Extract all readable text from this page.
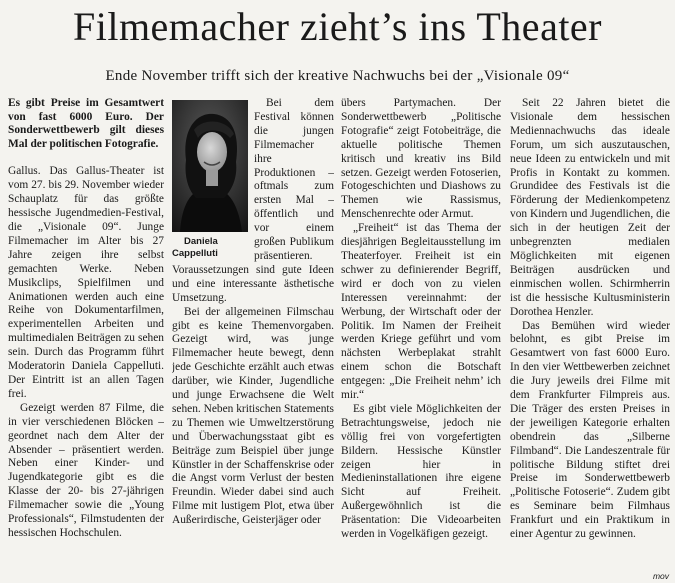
Filmemacher zieht’s ins Theater
Ende November trifft sich der kreative Nachwuchs bei der „Visionale 09“

Es gibt Preise im Gesamtwert von fast 6000 Euro. Der Sonderwettbewerb gilt dieses Mal der politischen Fotografie.

Gallus. Das Gallus-Theater ist vom 27. bis 29. November wieder Schauplatz für das größte hessische Jugendmedien-Festival, die „Visionale 09“. Junge Filmemacher im Alter bis 27 Jahre zeigen ihre selbst gemachten Werke. Neben Musikclips, Spielfilmen und Animationen werden auch eine Reihe von Dokumentarfilmen, experimentellen Arbeiten und multimedialen Beiträgen zu sehen sein. Durch das Programm führt Moderatorin Daniela Cappelluti. Der Eintritt ist an allen Tagen frei.

Gezeigt werden 87 Filme, die in vier verschiedenen Blöcken – geordnet nach dem Alter der Absender – präsentiert werden. Neben einer Kinder- und Jugendkategorie gibt es die Klasse der 20- bis 27-jährigen Filmemacher sowie die „Young Professionals“, Filmstudenten der hessischen Hochschulen.

Daniela Cappelluti
Bei dem Festival können die jungen Filmemacher ihre Produktionen – oftmals zum ersten Mal – öffentlich und vor einem großen Publikum präsentieren. Voraussetzungen sind gute Ideen und eine interessante ästhetische Umsetzung.

Bei der allgemeinen Filmschau gibt es keine Themenvorgaben. Gezeigt wird, was junge Filmemacher heute bewegt, denn jede Geschichte erzählt auch etwas darüber, wie Kinder, Jugendliche und junge Erwachsene die Welt sehen. Neben kritischen Statements zu Themen wie Umweltzerstörung und Überwachungsstaat gibt es Beiträge zum Beispiel über junge Künstler in der Schaffenskrise oder die Angst vorm Verlust der besten Freundin. Wieder dabei sind auch Filme mit lustigem Plot, etwa über Außerirdische, Geisterjäger oder

übers Partymachen. Der Sonderwettbewerb „Politische Fotografie“ zeigt Fotobeiträge, die aktuelle politische Themen kritisch und kreativ ins Bild setzen. Gezeigt werden Fotoserien, Fotogeschichten und Diashows zu Themen wie Rassismus, Menschenrechte oder Armut.

„Freiheit“ ist das Thema der diesjährigen Begleitausstellung im Theaterfoyer. Freiheit ist ein schwer zu definierender Begriff, wird er doch von zu vielen Interessen vereinnahmt: der Werbung, der Wirtschaft oder der Politik. Im Namen der Freiheit werden Kriege geführt und vom nächsten Werbeplakat strahlt einem schon die Botschaft entgegen: „Die Freiheit nehm’ ich mir.“

Es gibt viele Möglichkeiten der Betrachtungsweise, jedoch nie völlig frei von vorgefertigten Bildern. Hessische Künstler zeigen hier in Medieninstallationen ihre eigene Sicht auf Freiheit. Außergewöhnlich ist die Präsentation: Die Videoarbeiten werden in Vogelkäfigen gezeigt.

Seit 22 Jahren bietet die Visionale dem hessischen Mediennachwuchs das ideale Forum, um sich auszutauschen, neue Ideen zu entwickeln und mit Profis in Kontakt zu kommen. Grundidee des Festivals ist die Förderung der Medienkompetenz von Kindern und Jugendlichen, die sich in der heutigen Zeit der unbegrenzten medialen Möglichkeiten mit eigenen Beiträgen ausdrücken und einmischen wollen. Schirmherrin ist die hessische Kultusministerin Dorothea Henzler.

Das Bemühen wird wieder belohnt, es gibt Preise im Gesamtwert von fast 6000 Euro. In den vier Wettbewerben zeichnet die Jury jeweils drei Filme mit dem Frankfurter Filmpreis aus. Die Träger des ersten Preises in der jeweiligen Kategorie erhalten obendrein das „Silberne Filmband“. Die Landeszentrale für politische Bildung stiftet drei Preise im Sonderwettbewerb „Politische Fotoserie“. Zudem gibt es Seminare beim Filmhaus Frankfurt und ein Praktikum in einer Agentur zu gewinnen.

mov
